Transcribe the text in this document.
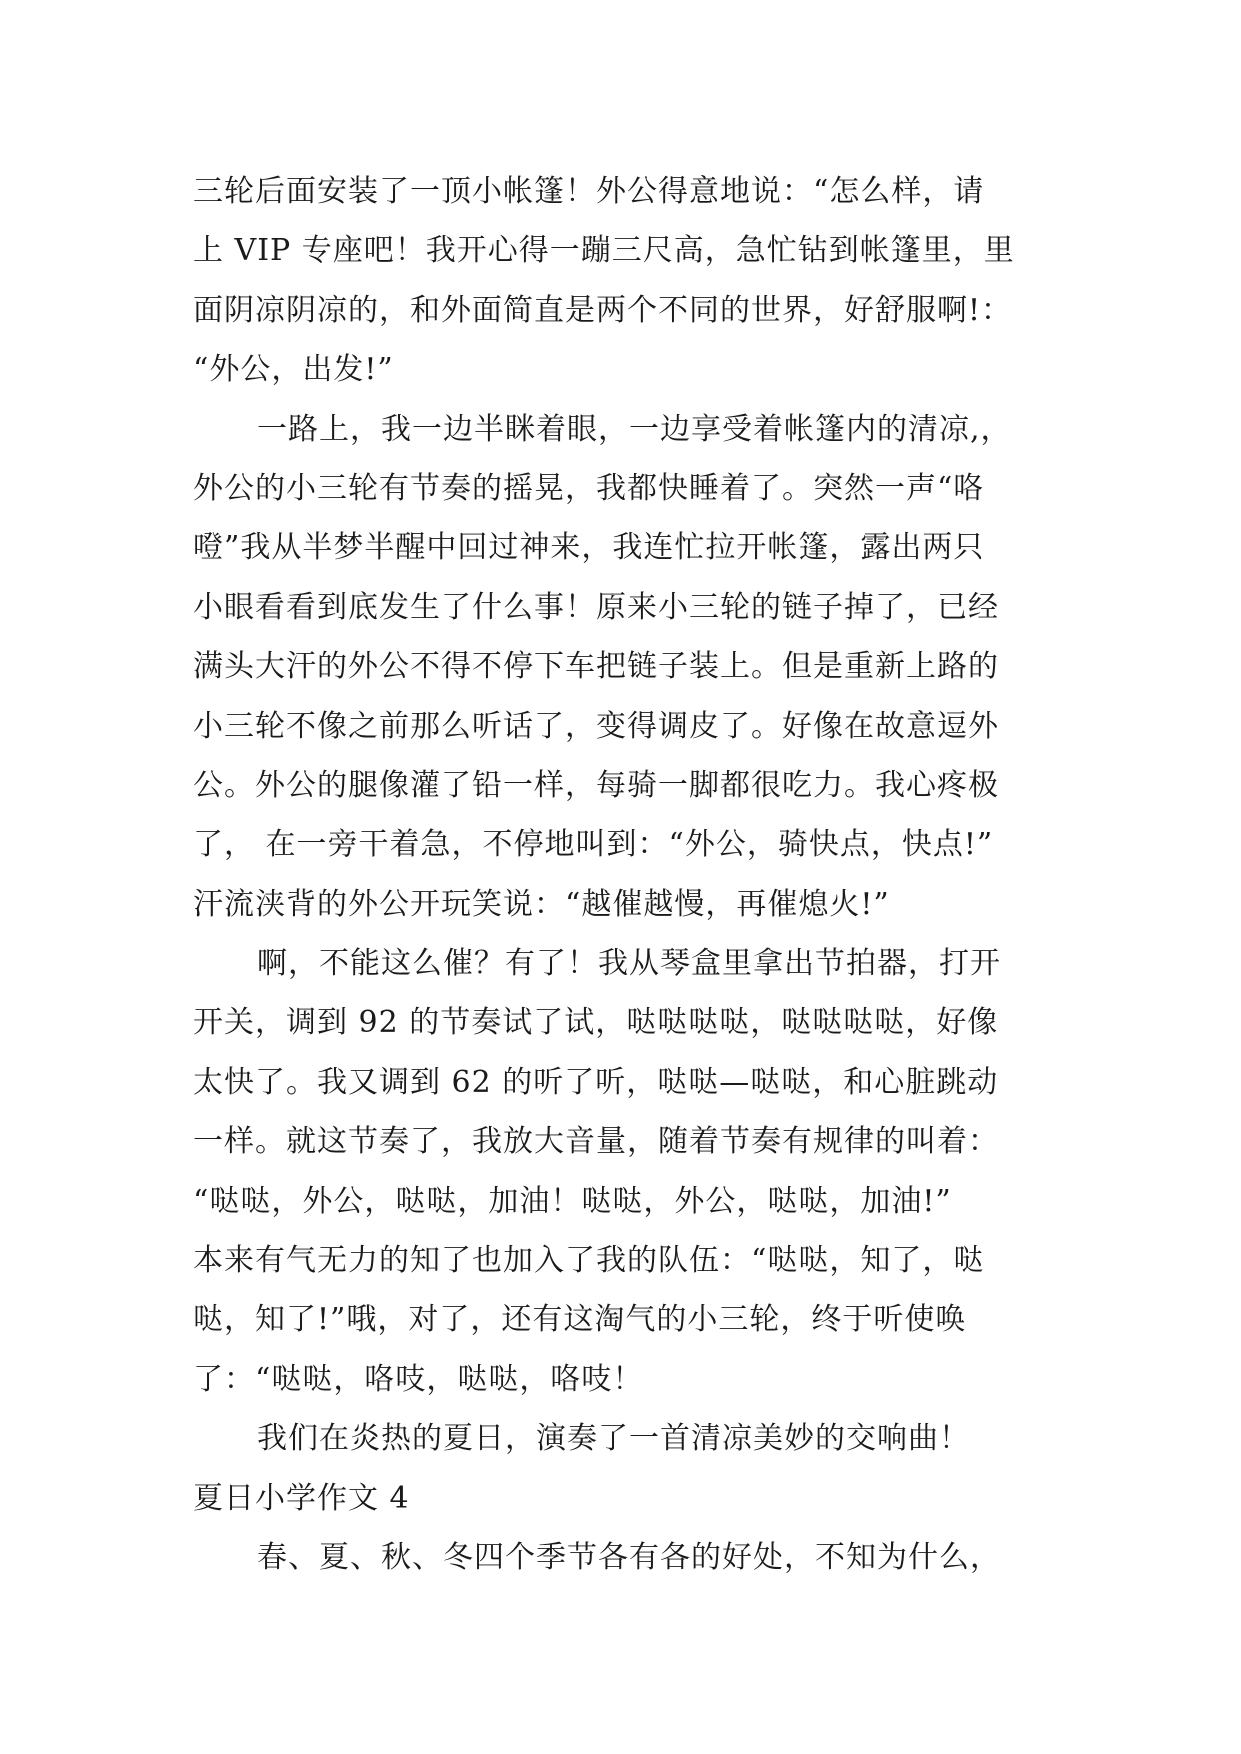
三轮后面安装了一顶小帐篷！外公得意地说：“怎么样，请
上 VIP 专座吧！我开心得一蹦三尺高，急忙钻到帐篷里，里
面阴凉阴凉的，和外面简直是两个不同的世界，好舒服啊!：
“外公，出发!”
一路上，我一边半眯着眼，一边享受着帐篷内的清凉,，
外公的小三轮有节奏的摇晃，我都快睡着了。突然一声“咯
噔”我从半梦半醒中回过神来，我连忙拉开帐篷，露出两只
小眼看看到底发生了什么事！原来小三轮的链子掉了，已经
满头大汗的外公不得不停下车把链子装上。但是重新上路的
小三轮不像之前那么听话了，变得调皮了。好像在故意逗外
公。外公的腿像灌了铅一样，每骑一脚都很吃力。我心疼极
了， 在一旁干着急，不停地叫到：“外公，骑快点，快点!”
汗流浃背的外公开玩笑说：“越催越慢，再催熄火!”
啊，不能这么催？有了！我从琴盒里拿出节拍器，打开
开关，调到 92 的节奏试了试，哒哒哒哒，哒哒哒哒，好像
太快了。我又调到 62 的听了听，哒哒—哒哒，和心脏跳动
一样。就这节奏了，我放大音量，随着节奏有规律的叫着：
“哒哒，外公，哒哒，加油！哒哒，外公，哒哒，加油!”
本来有气无力的知了也加入了我的队伍：“哒哒，知了，哒
哒，知了!”哦，对了，还有这淘气的小三轮，终于听使唤
了：“哒哒，咯吱，哒哒，咯吱！
我们在炎热的夏日，演奏了一首清凉美妙的交响曲！
夏日小学作文 4
春、夏、秋、冬四个季节各有各的好处，不知为什么，
